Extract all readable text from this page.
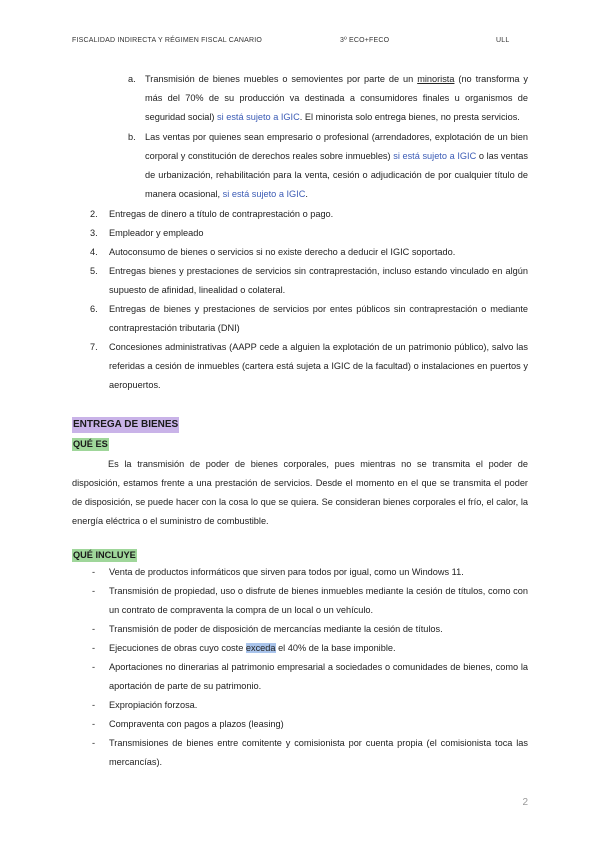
FISCALIDAD INDIRECTA Y RÉGIMEN FISCAL CANARIO	3º ECO+FECO	ULL
a. Transmisión de bienes muebles o semovientes por parte de un minorista (no transforma y más del 70% de su producción va destinada a consumidores finales u organismos de seguridad social) si está sujeto a IGIC. El minorista solo entrega bienes, no presta servicios.
b. Las ventas por quienes sean empresario o profesional (arrendadores, explotación de un bien corporal y constitución de derechos reales sobre inmuebles) si está sujeto a IGIC o las ventas de urbanización, rehabilitación para la venta, cesión o adjudicación de por cualquier título de manera ocasional, si está sujeto a IGIC.
2. Entregas de dinero a título de contraprestación o pago.
3. Empleador y empleado
4. Autoconsumo de bienes o servicios si no existe derecho a deducir el IGIC soportado.
5. Entregas bienes y prestaciones de servicios sin contraprestación, incluso estando vinculado en algún supuesto de afinidad, linealidad o colateral.
6. Entregas de bienes y prestaciones de servicios por entes públicos sin contraprestación o mediante contraprestación tributaria (DNI)
7. Concesiones administrativas (AAPP cede a alguien la explotación de un patrimonio público), salvo las referidas a cesión de inmuebles (cartera está sujeta a IGIC de la facultad) o instalaciones en puertos y aeropuertos.
ENTREGA DE BIENES
QUÉ ES
Es la transmisión de poder de bienes corporales, pues mientras no se transmita el poder de disposición, estamos frente a una prestación de servicios. Desde el momento en el que se transmita el poder de disposición, se puede hacer con la cosa lo que se quiera. Se consideran bienes corporales el frío, el calor, la energía eléctrica o el suministro de combustible.
QUÉ INCLUYE
- Venta de productos informáticos que sirven para todos por igual, como un Windows 11.
- Transmisión de propiedad, uso o disfrute de bienes inmuebles mediante la cesión de títulos, como con un contrato de compraventa la compra de un local o un vehículo.
- Transmisión de poder de disposición de mercancías mediante la cesión de títulos.
- Ejecuciones de obras cuyo coste exceda el 40% de la base imponible.
- Aportaciones no dinerarias al patrimonio empresarial a sociedades o comunidades de bienes, como la aportación de parte de su patrimonio.
- Expropiación forzosa.
- Compraventa con pagos a plazos (leasing)
- Transmisiones de bienes entre comitente y comisionista por cuenta propia (el comisionista toca las mercancías).
2
